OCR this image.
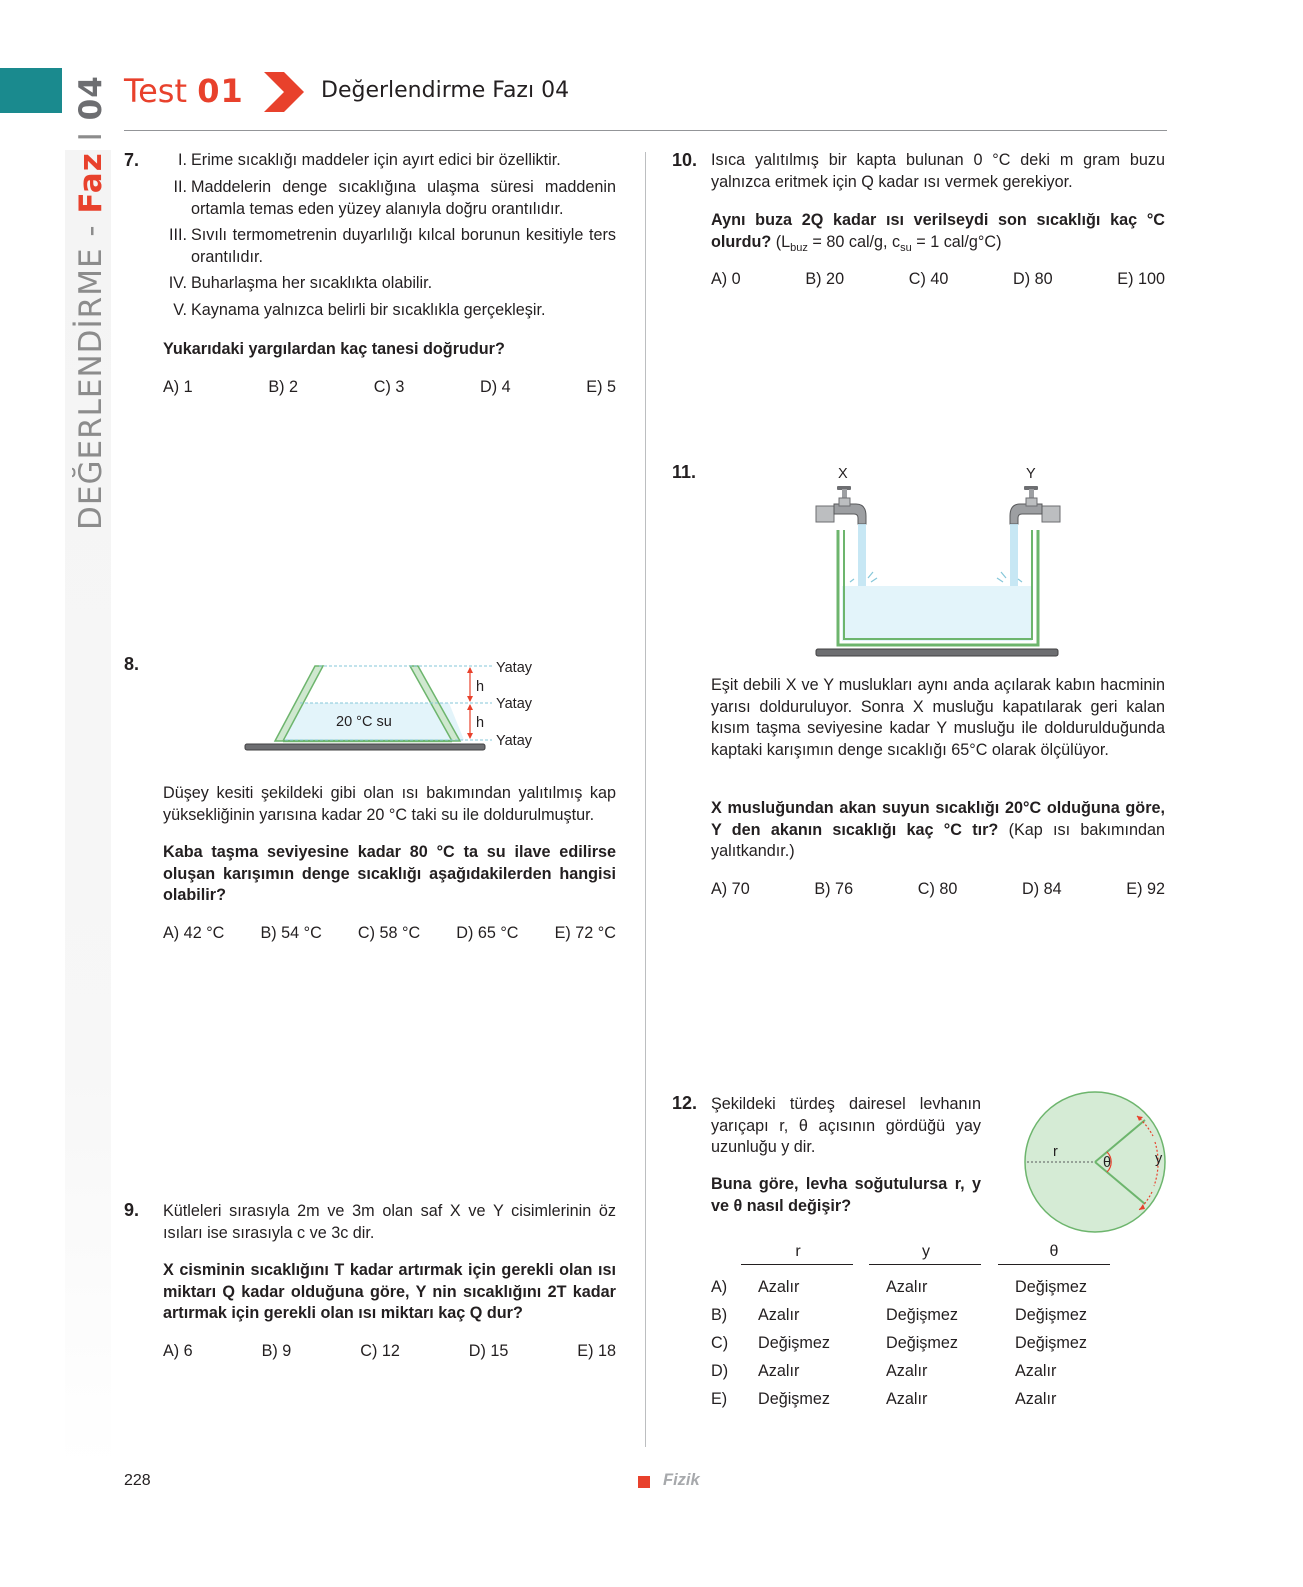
DEĞERLENDİRME - Faz I 04 Test 01	Değerlendirme Fazı 04
7.	I. Erime sıcaklığı maddeler için ayırt edici bir özelliktir.
II. Maddelerin denge sıcaklığına ulaşma süresi maddenin ortamla temas eden yüzey alanıyla doğru orantılıdır.
III. Sıvılı termometrenin duyarlılığı kılcal borunun kesitiyle ters orantılıdır.
IV. Buharlaşma her sıcaklıkta olabilir.
V. Kaynama yalnızca belirli bir sıcaklıkla gerçekleşir.
Yukarıdaki yargılardan kaç tanesi doğrudur?
A) 1	B) 2	C) 3	D) 4	E) 5
8.
h
h
Yatay
Yatay
Yatay
20 °C su
Düşey kesiti şekildeki gibi olan ısı bakımından yalıtılmış kap yüksekliğinin yarısına kadar 20 °C taki su ile doldurulmuştur.
Kaba taşma seviyesine kadar 80 °C ta su ilave edilirse oluşan karışımın denge sıcaklığı aşağıdakilerden hangisi olabilir?
A) 42 °C B) 54 °C C) 58 °C D) 65 °C E) 72 °C
9. Kütleleri sırasıyla 2m ve 3m olan saf X ve Y cisimlerinin öz ısıları ise sırasıyla c ve 3c dir.
X cisminin sıcaklığını T kadar artırmak için gerekli olan ısı miktarı Q kadar olduğuna göre, Y nin sıcaklığını 2T kadar artırmak için gerekli olan ısı miktarı kaç Q dur?
A) 6	B) 9	C) 12	D) 15	E) 18
10. Isıca yalıtılmış bir kapta bulunan 0 °C deki m gram buzu yalnızca eritmek için Q kadar ısı vermek gerekiyor.
Aynı buza 2Q kadar ısı verilseydi son sıcaklığı kaç °C olurdu? ($L_{buz} = 80$ cal/g, $c_{su} = 1$ cal/g°C)
A) 0	B) 20	C) 40	D) 80	E) 100
11.	X	Y
Eşit debili X ve Y muslukları aynı anda açılarak kabın hacminin yarısı dolduruluyor. Sonra X musluğu kapatılarak geri kalan kısım taşma seviyesine kadar Y musluğu ile doldurulduğunda kaptaki karışımın denge sıcaklığı 65°C olarak ölçülüyor.
X musluğundan akan suyun sıcaklığı 20°C olduğuna göre, Y den akanın sıcaklığı kaç °C tır? (Kap ısı bakımından yalıtkandır.)
A) 70	B) 76	C) 80	D) 84	E) 92
12. Şekildeki türdeş dairesel levhanın yarıçapı r, θ açısının gördüğü yay uzunluğu y dir.
Buna göre, levha soğutulursa r, y ve θ nasıl değişir?
r
θ	y
r	y	θ
A) Azalır	Azalır	Değişmez
B) Azalır	Değişmez	Değişmez
C) Değişmez	Değişmez	Değişmez
D) Azalır	Azalır	Azalır
E) Değişmez	Azalır	Azalır
228	Fizik
